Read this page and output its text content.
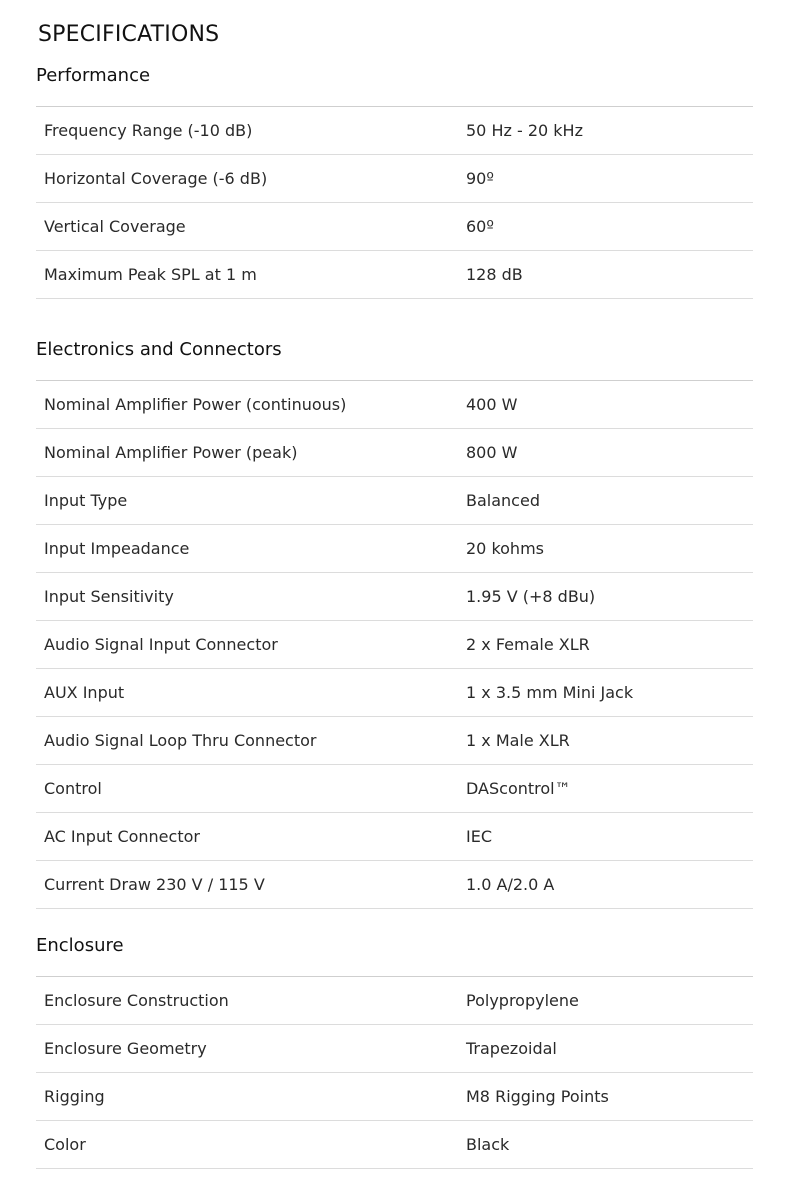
SPECIFICATIONS
Performance
Frequency Range (-10 dB)	50 Hz - 20 kHz
Horizontal Coverage (-6 dB)	90º
Vertical Coverage	60º
Maximum Peak SPL at 1 m	128 dB
Electronics and Connectors
Nominal Amplifier Power (continuous)	400 W
Nominal Amplifier Power (peak)	800 W
Input Type	Balanced
Input Impeadance	20 kohms
Input Sensitivity	1.95 V (+8 dBu)
Audio Signal Input Connector	2 x Female XLR
AUX Input	1 x 3.5 mm Mini Jack
Audio Signal Loop Thru Connector	1 x Male XLR
Control	DAScontrol™
AC Input Connector	IEC
Current Draw 230 V / 115 V	1.0 A/2.0 A
Enclosure
Enclosure Construction	Polypropylene
Enclosure Geometry	Trapezoidal
Rigging	M8 Rigging Points
Color	Black
